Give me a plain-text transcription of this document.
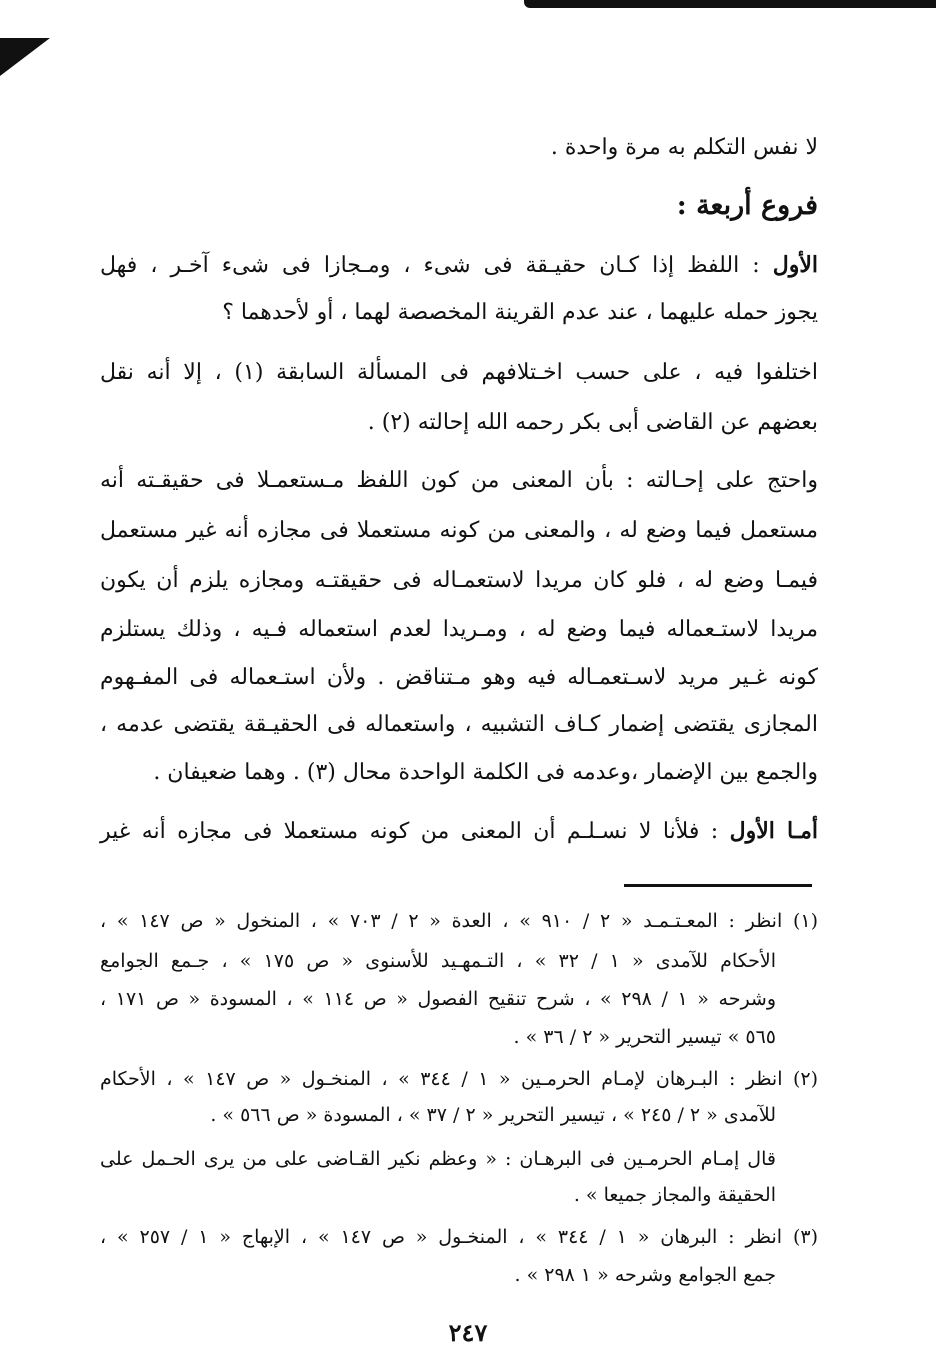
لا نفس التكلم به مرة واحدة .
فروع أربعة :
الأول : اللفظ إذا كـان حقيـقة فى شىء ، ومـجازا فى شىء آخـر ، فهل
يجوز حمله عليهما ، عند عدم القرينة المخصصة لهما ، أو لأحدهما ؟
اختلفوا فيه ، على حسب اخـتلافهم فى المسألة السابقة (١) ، إلا أنه نقل
بعضهم عن القاضى أبى بكر رحمه الله إحالته (٢) .
واحتج على إحـالته : بأن المعنى من كون اللفظ مـستعمـلا فى حقيقـته أنه
مستعمل فيما وضع له ، والمعنى من كونه مستعملا فى مجازه أنه غير مستعمل
فيمـا وضع له ، فلو كان مريدا لاستعمـاله فى حقيقتـه ومجازه يلزم أن يكون
مريدا لاستـعماله فيما وضع له ، ومـريدا لعدم استعماله فـيه ، وذلك يستلزم
كونه غـير مريد لاسـتعمـاله فيه وهو مـتناقض . ولأن استـعماله فى المفـهوم
المجازى يقتضى إضمار كـاف التشبيه ، واستعماله فى الحقيـقة يقتضى عدمه ،
والجمع بين الإضمار ،وعدمه فى الكلمة الواحدة محال (٣) . وهما ضعيفان .
أمـا الأول : فلأنا لا نسـلـم أن المعنى من كونه مستعملا فى مجازه أنه غير
(١) انظر : المعـتـمـد « ٢ / ٩١٠ » ، العدة « ٢ / ٧٠٣ » ، المنخول « ص ١٤٧ » ،
الأحكام للآمدى « ١ / ٣٢ » ، التـمهـيد للأسنوى « ص ١٧٥ » ، جـمع الجوامع
وشرحه « ١ / ٢٩٨ » ، شرح تنقيح الفصول « ص ١١٤ » ، المسودة « ص ١٧١ ،
٥٦٥ » تيسير التحرير « ٢ / ٣٦ » .
(٢) انظر : البـرهان لإمـام الحرمـين « ١ / ٣٤٤ » ، المنخـول « ص ١٤٧ » ، الأحكام
للآمدى « ٢ / ٢٤٥ » ، تيسير التحرير « ٢ / ٣٧ » ، المسودة « ص ٥٦٦ » .
قال إمـام الحرمـين فى البرهـان : « وعظم نكير القـاضى على من يرى الحـمل على
الحقيقة والمجاز جميعا » .
(٣) انظر : البرهان « ١ / ٣٤٤ » ، المنخـول « ص ١٤٧ » ، الإبهاج « ١ / ٢٥٧ » ،
جمع الجوامع وشرحه « ١ ٢٩٨ » .
٢٤٧
